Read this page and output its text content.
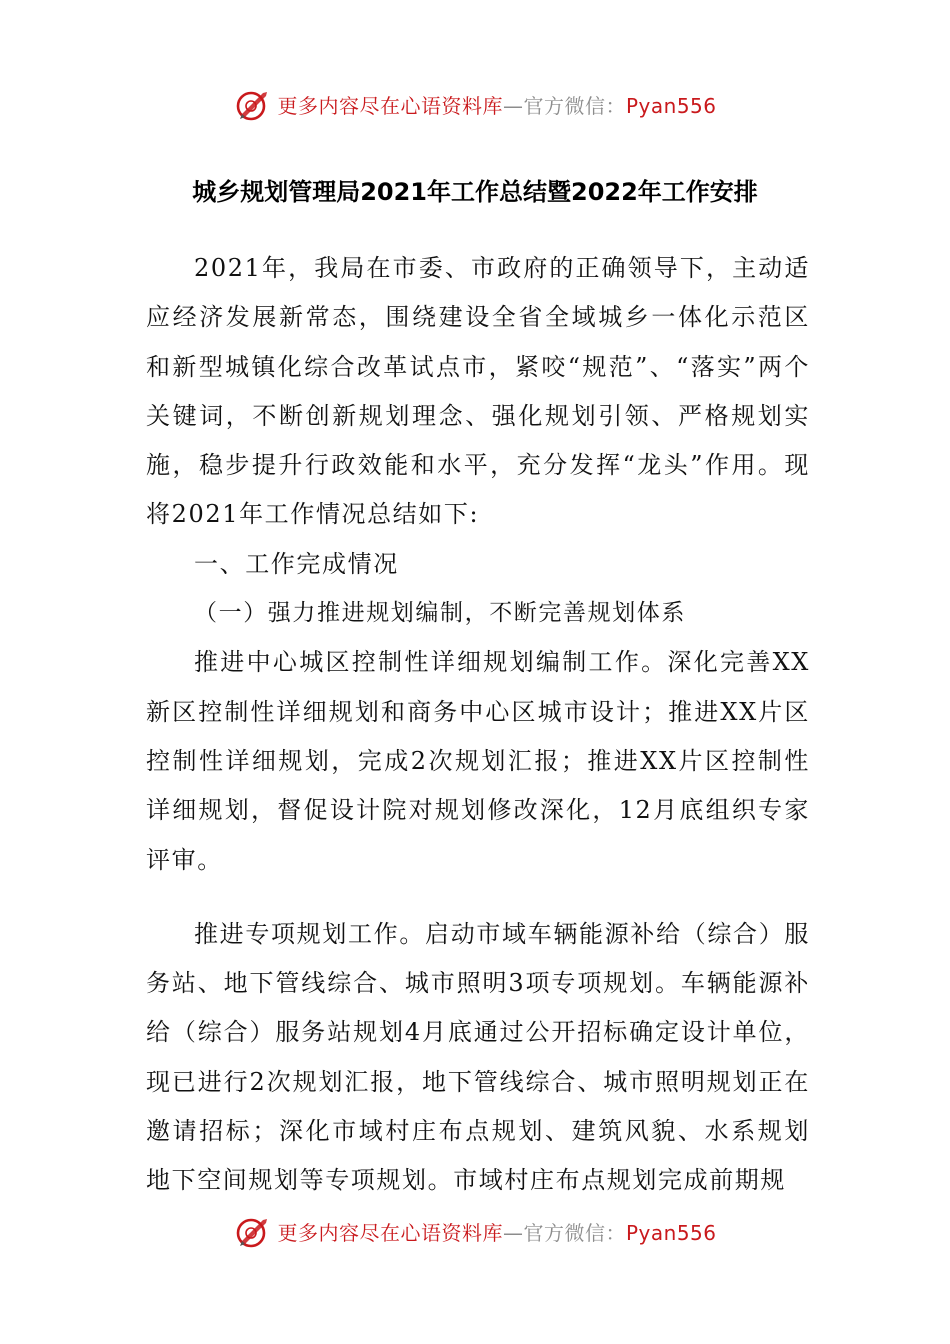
更多内容尽在心语资料库—官方微信：Pyan556
城乡规划管理局2021年工作总结暨2022年工作安排

2021年，我局在市委、市政府的正确领导下，主动适应经济发展新常态，围绕建设全省全域城乡一体化示范区和新型城镇化综合改革试点市，紧咬“规范”、“落实”两个关键词，不断创新规划理念、强化规划引领、严格规划实施，稳步提升行政效能和水平，充分发挥“龙头”作用。现将2021年工作情况总结如下:

一、工作完成情况

（一）强力推进规划编制，不断完善规划体系

推进中心城区控制性详细规划编制工作。深化完善XX新区控制性详细规划和商务中心区城市设计；推进XX片区控制性详细规划，完成2次规划汇报；推进XX片区控制性详细规划，督促设计院对规划修改深化，12月底组织专家评审。

推进专项规划工作。启动市域车辆能源补给（综合）服务站、地下管线综合、城市照明3项专项规划。车辆能源补给（综合）服务站规划4月底通过公开招标确定设计单位，现已进行2次规划汇报，地下管线综合、城市照明规划正在邀请招标；深化市域村庄布点规划、建筑风貌、水系规划地下空间规划等专项规划。市域村庄布点规划完成前期规

更多内容尽在心语资料库—官方微信：Pyan556
